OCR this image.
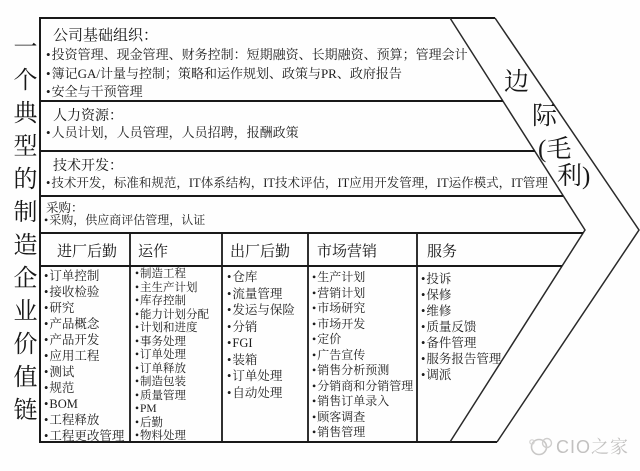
一个典型的制造企业价值链 公司基础组织：
• 投资管理、现金管理、财务控制：短期融资、长期融资、预算；管理会计
• 簿记GA/计量与控制；策略和运作规划、政策与PR、政府报告
• 安全与干预管理
人力资源：
• 人员计划，人员管理，人员招聘，报酬政策
技术开发：
• 技术开发，标准和规范，IT体系结构，IT技术评估，IT应用开发管理，IT运作模式，IT管理
采购：
• 采购，供应商评估管理，认证
进厂后勤 运作	出厂后勤 市场营销	服务
• 订单控制
• 接收检验
• 研究
• 产品概念
• 产品开发
• 应用工程
• 测试
• 规范
• BOM
• 工程释放
• 工程更改管理
• 制造工程
• 主生产计划
• 库存控制
• 能力计划分配
• 计划和进度
• 事务处理
• 订单处理
• 订单释放
• 制造包装
• 质量管理
• PM
• 后勤
• 物料处理
• 仓库
• 流量管理
• 发运与保险
• 分销
• FGI
• 装箱
• 订单处理
• 自动处理
• 生产计划
• 营销计划
• 市场研究
• 市场开发
• 定价
• 广告宣传
• 销售分析预测
• 分销商和分销管理
• 销售订单录入
• 顾客调查
• 销售管理
• 投诉
• 保修
• 维修
• 质量反馈
• 备件管理
• 服务报告管理
• 调派
边
际
(毛
利)
CIO之家
